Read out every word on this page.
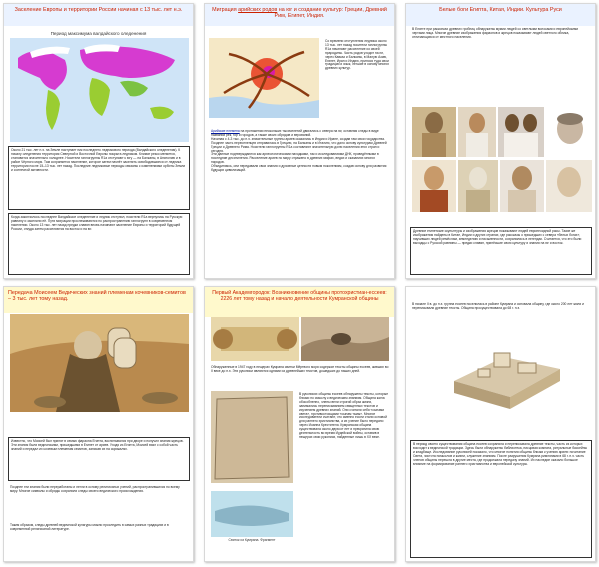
Заселение Европы и территории России начиная с 13 тыс. лет н.э.
Период максимума валдайского оледенения
Около 21 тыс. лет н.э. на Земле наступает пик последнего ледникового периода (Валдайского оледенения). К началу оледенения территория Северной и Восточной Европы покрыта ледником. Климат резко меняется, становится значительно холоднее. Носители гаплогруппы R1a отступают к югу — на Балканы, в Анатолию и в район Чёрного моря. Там сохраняется население, которое затем начнёт заселять освободившиеся от ледника территории после 15–13 тыс. лет назад. Последние ледниковые периоды связаны с изменениями орбиты Земли и солнечной активности.
Когда закончилось последнее Валдайское оледенение и ледник отступил, носители R1a вернулись на Русскую равнину и заселили её. Пути миграции прослеживаются по распространению гаплогрупп в современном населении. Около 13 тыс. лет назад предки славян вновь начинают заселение Европы и территорий будущей России, откуда затем расселяются на восток и на юг.
Миграция арийских родов на юг и создание культур: Греции, Древний Рим, Египет, Индия.
Со времени отступления ледника около 13 тыс. лет назад носители гаплогруппы R1a начинают расселение из своей прародины. Часть родов уходит на юг, через Кавказ и Балканы, в Малую Азию, Египет, Иран и Индию, принося туда свои традиции и язык, легшие в основу многих древних культур.
Арийские племена на протяжении нескольких тысячелетий двигались с севера на юг, оставляя следы в виде названий рек, гор и городов, а также своих обрядов и верований.
Начиная с 4-3 тыс. до н.э. значительные группы ариев оказались в Индии и Иране, создав там свои государства. Позднее часть переселенцев отправилась в Грецию, на Балканы и в Италию, что дало основу культурам Древней Греции и Древнего Рима. Носители гаплогруппы R1a составляют значительную долю населения этих стран и сегодня.
Эти данные подтверждаются как археологическими находками, так и исследованиями ДНК, проведёнными в последние десятилетия. Расселение ариев по миру отражено в древних мифах, ведах и сказаниях многих народов.
Объединяясь, они передавали свои знания и духовные ценности новым поколениям, создав основу для развития будущих цивилизаций.
Белые боги Египта, Китая, Индии. Культура Руси
В Египте при раскопках древних гробниц обнаружены мумии людей со светлыми волосами и европейскими чертами лица. Многие древние изображения фараонов и жрецов показывают людей светлого облика, отличающихся от местного населения.
Древние египетские скульптуры и изображения жрецов показывают людей европеоидной расы. Такие же изображения найдены в Китае, Индии и других странах, где рассказы о пришедших с севера «белых богах», научивших людей ремёслам, земледелию и письменности, сохранились в легендах. Считается, что это были выходцы с Русской равнины — предки славян, принёсшие свою культуру и знания на юг и восток.
Передача Моисеем Ведических знаний племенам кочевников-семитов – 3 тыс. лет тому назад.
Известно, что Моисей был принят в семью фараона Египта, воспитывался при дворе и получил знания жрецов. Эти знания были ведическими, пришедшими в Египет от ариев. Уходя из Египта, Моисей взял с собой часть знаний и передал их кочевым племенам семитов, записав их на скрижалях.
Позднее эти знания были переработаны и легли в основу религиозных учений, распространившихся по всему миру. Многие символы и обряды сохранили следы своего ведического происхождения.
Таким образом, следы древней ведической культуры можно проследить в самых разных традициях и в современной религиозной литературе.
Первый Академгородок: Возникновение общины протохристиан-ессеев: 2226 лет тому назад и начало деятельности Кумранской общины
Обнаруженные в 1947 году в пещерах Кумрана свитки Мёртвого моря содержат тексты общины ессеев, живших во II веке до н.э. Эти рукописи являются одними из древнейших текстов, дошедших до наших дней.
Свиток из Кумрана. Фрагмент
В рукописях общины ессеев обнаружены тексты, которые близки по смыслу к ведическим знаниям. Община жила обособленно, члены вели строгий образ жизни, занимались переписыванием священных текстов и изучением древних знаний. Они считали себя «сынами света», противостоящими «сынам тьмы». Многие исследователи считают, что именно ессеи стали основой для раннего христианства, а их учение было передано через Иоанна Крестителя. Кумранская община существовала около двухсот лет и прекратила свою деятельность во время Иудейской войны, оставив в пещерах свои рукописи, найденные лишь в XX веке.
В начале II в. до н.э. группа ессеев поселилась в районе Кумрана и основала общину, где около 200 лет жили и переписывали древние тексты. Община просуществовала до 68 г. н.э.
В период своего существования община ессеев сохраняла и переписывала древние тексты, часть из которых восходит к ведической традиции. Здесь были обнаружены библиотека, писцовая комната, ритуальные бассейны и кладбище. Исследование рукописей показало, что многие понятия общины близки к учению ариев: почитание Света, чистота помыслов и жизни, служение знаниям. После разрушения Кумрана римлянами в 68 г. н.э. часть членов общины перешла в другие места, где продолжала передачу знаний. Их наследие оказало большое влияние на формирование раннего христианства и европейской культуры.
